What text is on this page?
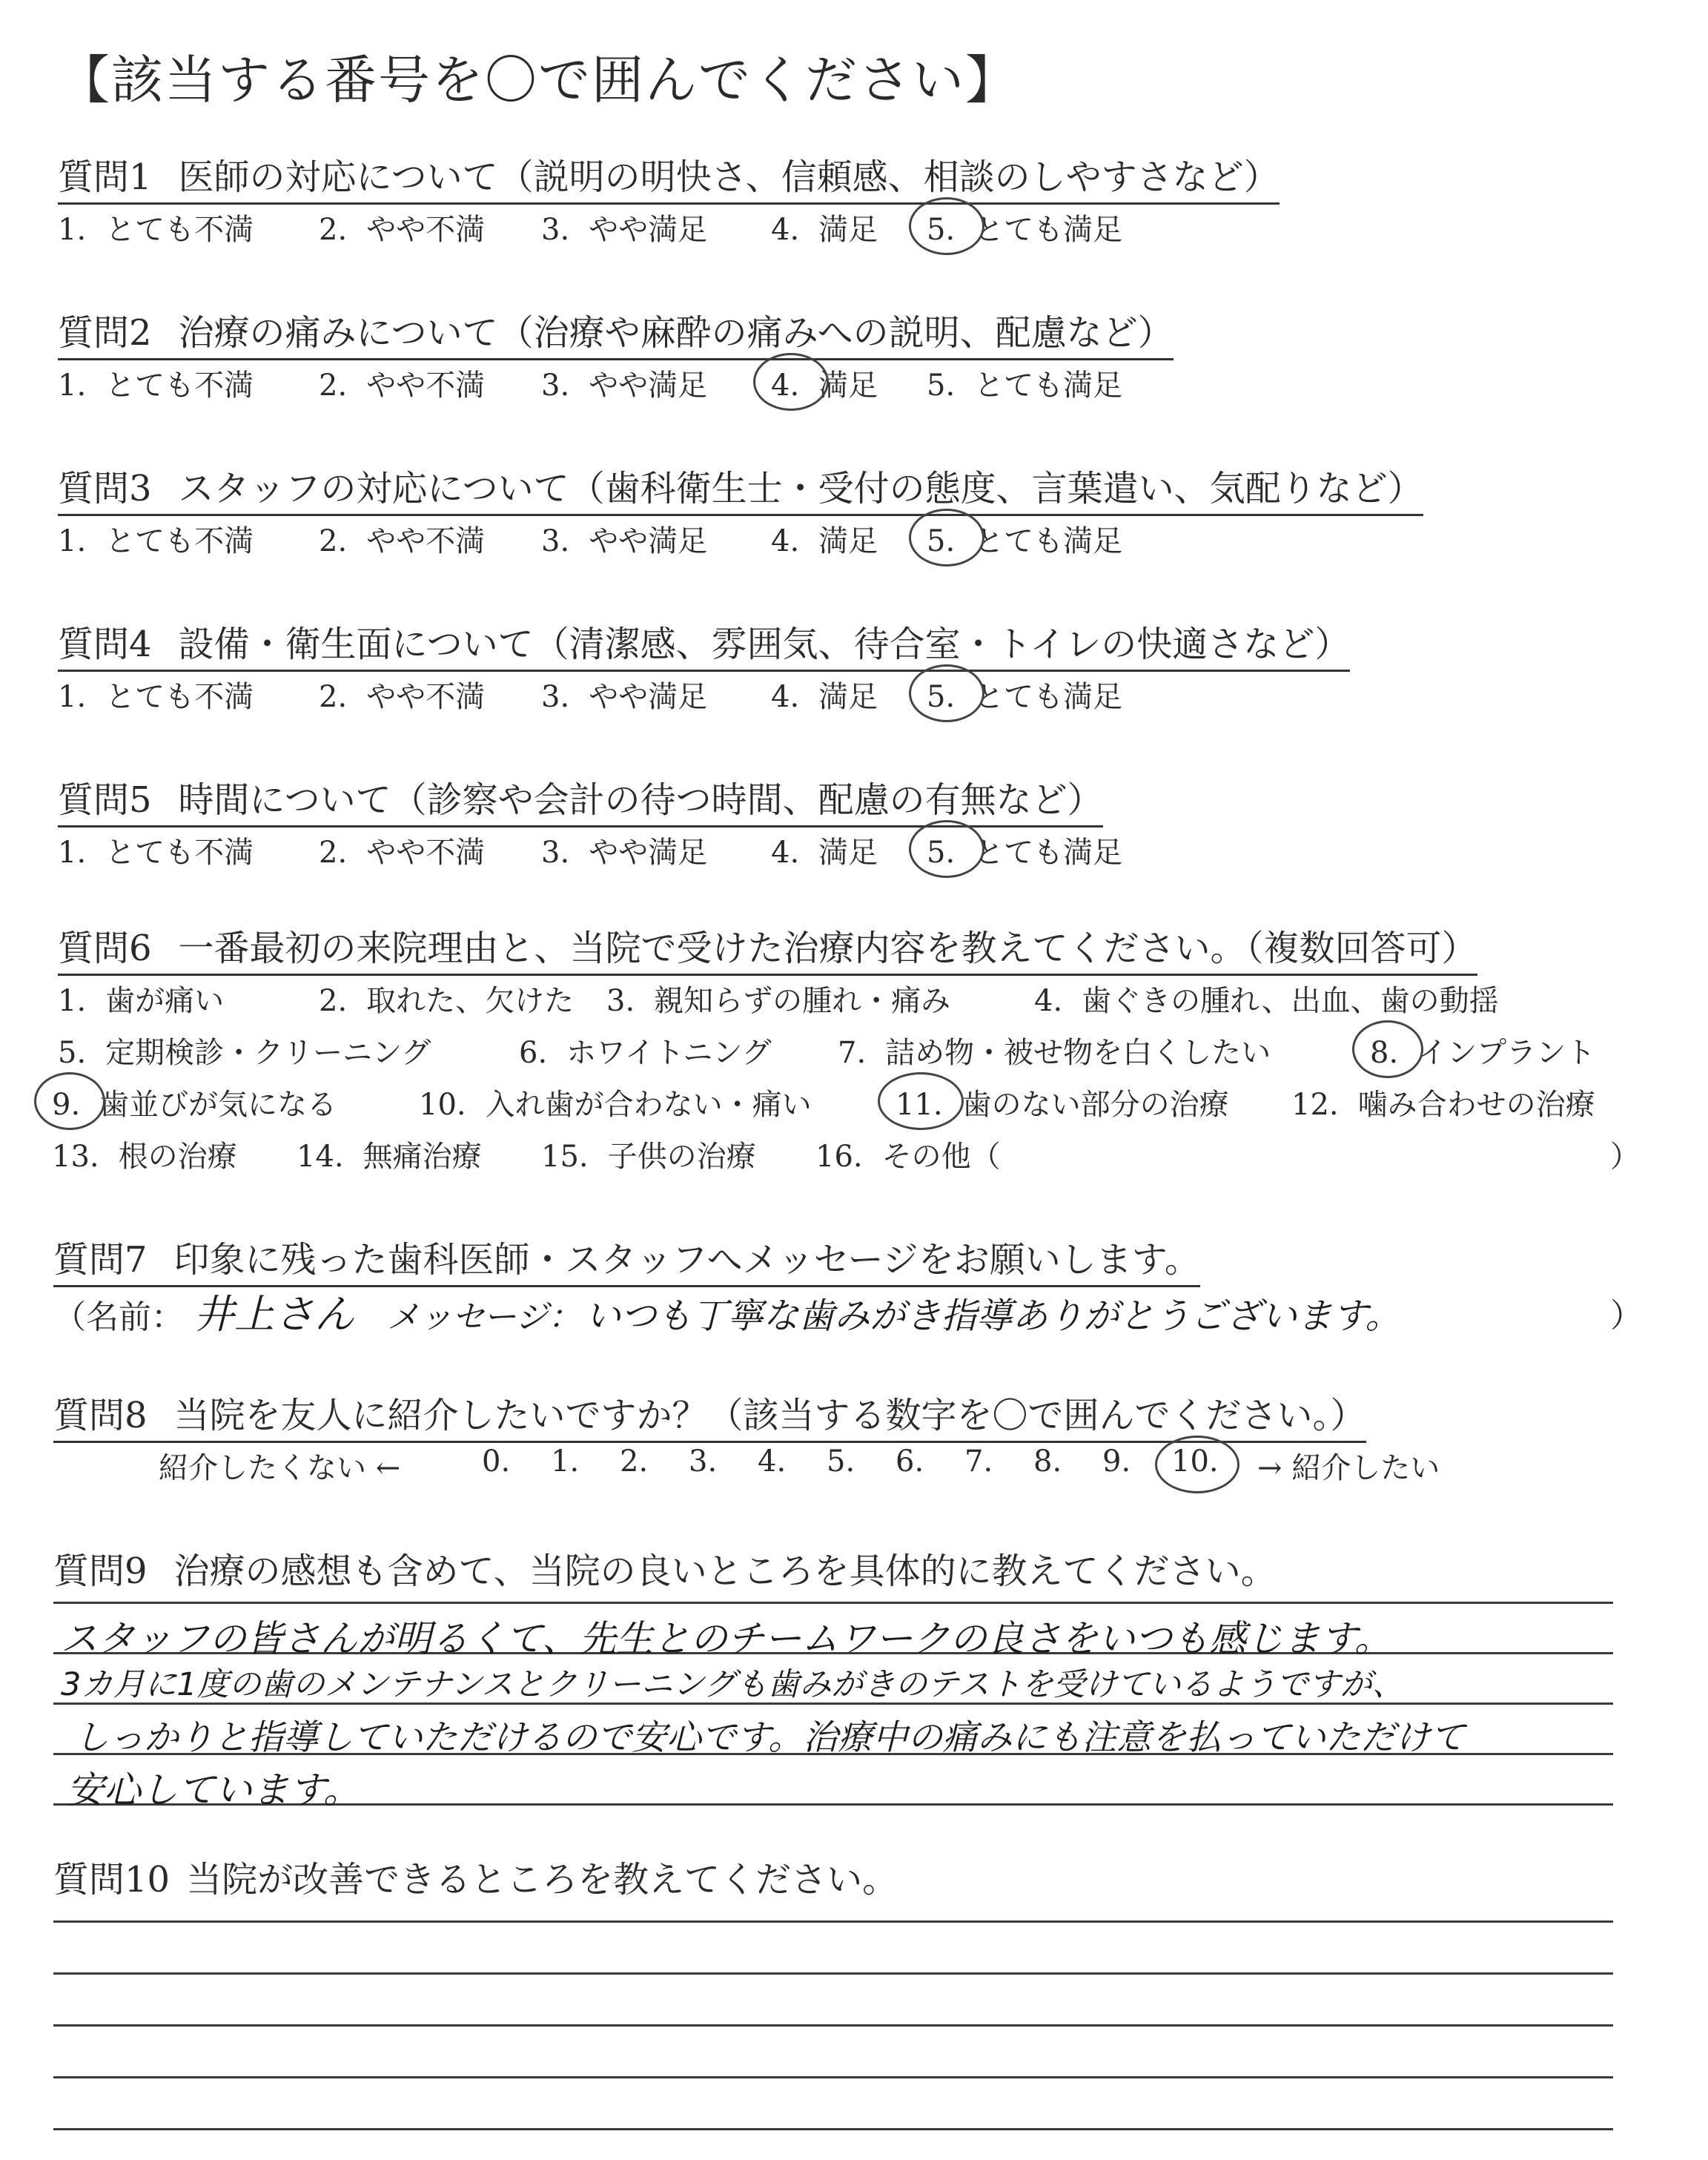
【該当する番号を〇で囲んでください】
質問1 医師の対応について（説明の明快さ、信頼感、相談のしやすさなど）
1. とても不満 2. やや不満 3. やや満足 4. 満足 5. とても満足
質問2 治療の痛みについて（治療や麻酔の痛みへの説明、配慮など）
1. とても不満 2. やや不満 3. やや満足 4. 満足 5. とても満足
質問3 スタッフの対応について（歯科衛生士・受付の態度、言葉遣い、気配りなど）
1. とても不満 2. やや不満 3. やや満足 4. 満足 5. とても満足
質問4 設備・衛生面について（清潔感、雰囲気、待合室・トイレの快適さなど）
1. とても不満 2. やや不満 3. やや満足 4. 満足 5. とても満足
質問5 時間について（診察や会計の待つ時間、配慮の有無など）
1. とても不満 2. やや不満 3. やや満足 4. 満足 5. とても満足
質問6 一番最初の来院理由と、当院で受けた治療内容を教えてください。（複数回答可）
1. 歯が痛い	2. 取れた、欠けた 3. 親知らずの腫れ・痛み	4. 歯ぐきの腫れ、出血、歯の動揺
5. 定期検診・クリーニング	6. ホワイトニング 7. 詰め物・被せ物を白くしたい	8. インプラント
9. 歯並びが気になる	10. 入れ歯が合わない・痛い	11. 歯のない部分の治療 12. 噛み合わせの治療
13. 根の治療 14. 無痛治療 15. 子供の治療 16. その他（	）
質問7 印象に残った歯科医師・スタッフへメッセージをお願いします。
（名前： 井上さん メッセージ： いつも丁寧な歯みがき指導ありがとうございます。	）
質問8 当院を友人に紹介したいですか？（該当する数字を〇で囲んでください。）
紹介したくない ←	0. 1. 2. 3. 4. 5. 6. 7. 8. 9. 10. → 紹介したい
質問9 治療の感想も含めて、当院の良いところを具体的に教えてください。
スタッフの皆さんが明るくて、先生とのチームワークの良さをいつも感じます。
3カ月に1度の歯のメンテナンスとクリーニングも歯みがきのテストを受けているようですが、
しっかりと指導していただけるので安心です。治療中の痛みにも注意を払っていただけて
安心しています。
質問10 当院が改善できるところを教えてください。
